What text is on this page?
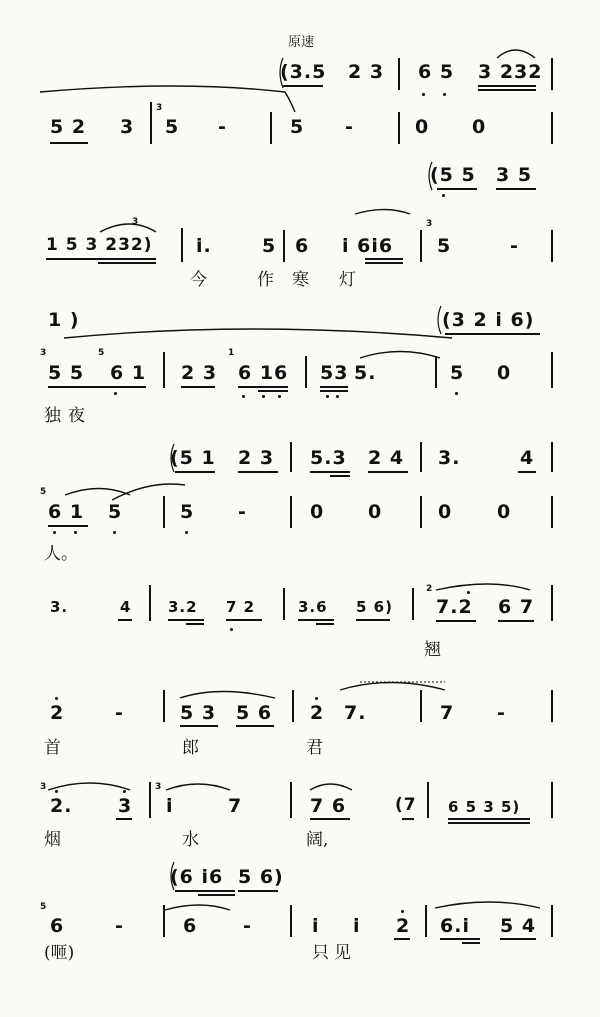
原速
(3.5 2 3 6 5 3 232
5 2 3
3
5 -	5 -	0 0
(5 5 3 5
1 5 3 232)
3
i.	5 6 i 6i6
3
5	-
今	作 寒 灯
1 )	(3 2 i 6)
3
5 5
5
6 1 2 3
1
6 16 53 5.	5 0
独 夜
(5 1 2 3 5.3 2 4 3.	4
5
6 1 5	5 -	0 0	0 0
人。
3.	4 3.2 7 2	3.6 5 6)
2
7.2 6 7
翘
2	-	5 3 5 6 2 7.	7 -
首	郎	君
3
2. 3
3
i	7	7 6	(7 6 5 3 5)
烟	水	阔,
(6 i6 5 6)
5
6	-	6 -	i i 2 6.i 5 4
(咂)	只 见
